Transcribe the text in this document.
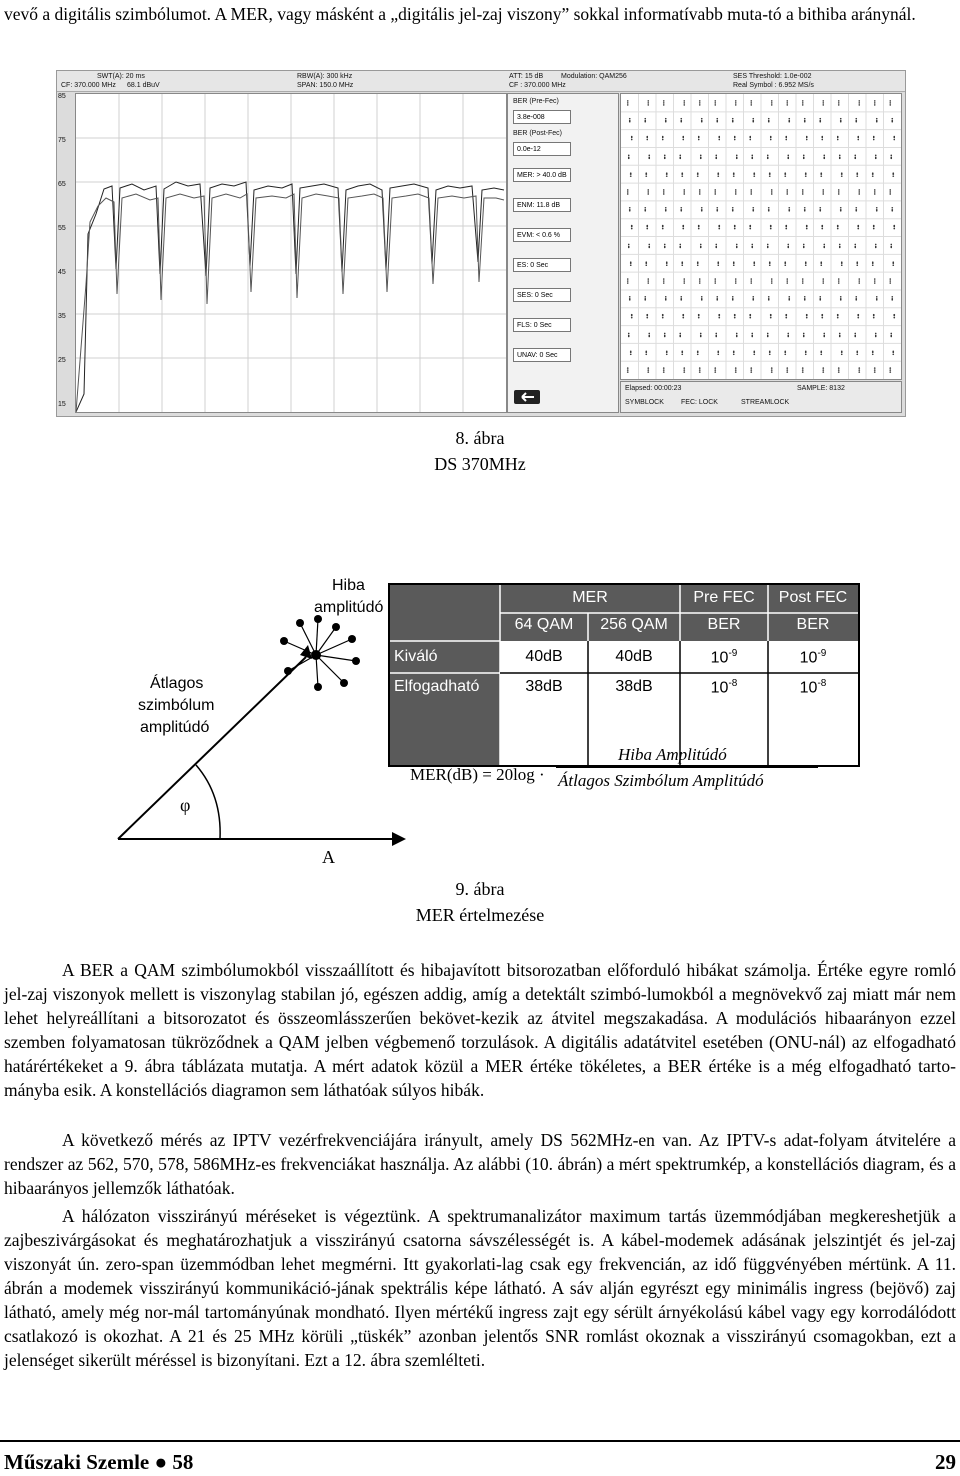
vevő a digitális szimbólumot. A MER, vagy másként a „digitális jel-zaj viszony” sokkal informatívabb muta-tó a bithiba aránynál.

SWT(A): 20 ms
CF: 370.000 MHz 68.1 dBuV
RBW(A): 300 kHz
SPAN: 150.0 MHz
ATT: 15 dB	Modulation: QAM256
CF : 370.000 MHz
SES Threshold: 1.0e-002
Real Symbol : 6.952 MS/s
85
75
65
55
45
35
25
15
BER (Pre-Fec)
3.8e-008
BER (Post-Fec)
0.0e-12
MER: > 40.0 dB
ENM: 11.8 dB
EVM: < 0.6 %
ES: 0 Sec
SES: 0 Sec
FLS: 0 Sec
UNAV: 0 Sec
Elapsed: 00:00:23	SAMPLE: 8132
SYMBLOCK FEC: LOCK	STREAMLOCK
8. ábra
DS 370MHz
Hiba
amplitúdó
Átlagos
szimbólum
amplitúdó
φ
A
MER	Pre FEC	Post FEC
64 QAM	256 QAM	BER	BER
Kiváló	40dB	40dB	$10^{-9}$	$10^{-9}$
Elfogadható	38dB	38dB	$10^{-8}$	$10^{-8}$
MER(dB) = 20log ·
Hiba Amplitúdó
Átlagos Szimbólum Amplitúdó
9. ábra
MER értelmezése

A BER a QAM szimbólumokból visszaállított és hibajavított bitsorozatban előforduló hibákat számolja. Értéke egyre romló jel-zaj viszonyok mellett is viszonylag stabilan jó, egészen addig, amíg a detektált szimbó-lumokból a megnövekvő zaj miatt már nem lehet helyreállítani a bitsorozatot és összeomlásszerűen bekövet-kezik az átvitel megszakadása. A modulációs hibaarányon ezzel szemben folyamatosan tükröződnek a QAM jelben végbemenő torzulások. A digitális adatátvitel esetében (ONU-nál) az elfogadható határértékeket a 9. ábra táblázata mutatja. A mért adatok közül a MER értéke tökéletes, a BER értéke is a még elfogadható tarto-mányba esik. A konstellációs diagramon sem láthatóak súlyos hibák.

A következő mérés az IPTV vezérfrekvenciájára irányult, amely DS 562MHz-en van. Az IPTV-s adat-folyam átvitelére a rendszer az 562, 570, 578, 586MHz-es frekvenciákat használja. Az alábbi (10. ábrán) a mért spektrumkép, a konstellációs diagram, és a hibaarányos jellemzők láthatóak.

A hálózaton visszirányú méréseket is végeztünk. A spektrumanalizátor maximum tartás üzemmódjában megkereshetjük a zajbeszivárgásokat és meghatározhatjuk a visszirányú csatorna sávszélességét is. A kábel-modemek adásának jelszintjét és jel-zaj viszonyát ún. zero-span üzemmódban lehet megmérni. Itt gyakorlati-lag csak egy frekvencián, az idő függvényében mértünk. A 11. ábrán a modemek visszirányú kommunikáció-jának spektrális képe látható. A sáv alján egyrészt egy minimális ingress (bejövő) zaj látható, amely még nor-mál tartományúnak mondható. Ilyen mértékű ingress zajt egy sérült árnyékolású kábel vagy egy korrodálódott csatlakozó is okozhat. A 21 és 25 MHz körüli „tüskék” azonban jelentős SNR romlást okoznak a visszirányú csomagokban, ezt a jelenséget sikerült méréssel is bizonyítani. Ezt a 12. ábra szemlélteti.

Műszaki Szemle ● 58	29
